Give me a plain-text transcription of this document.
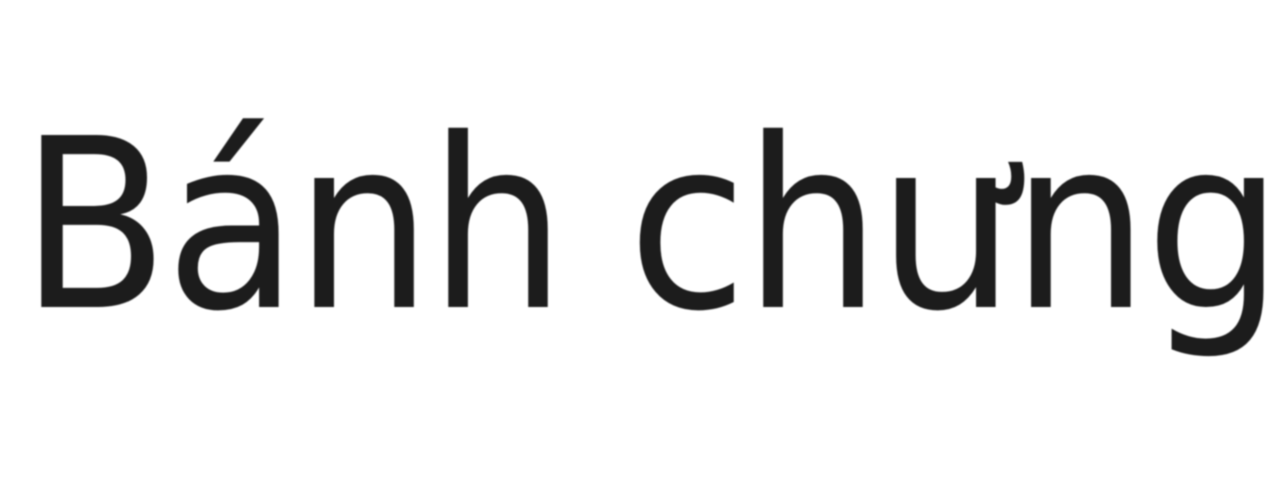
Bánh chưng
